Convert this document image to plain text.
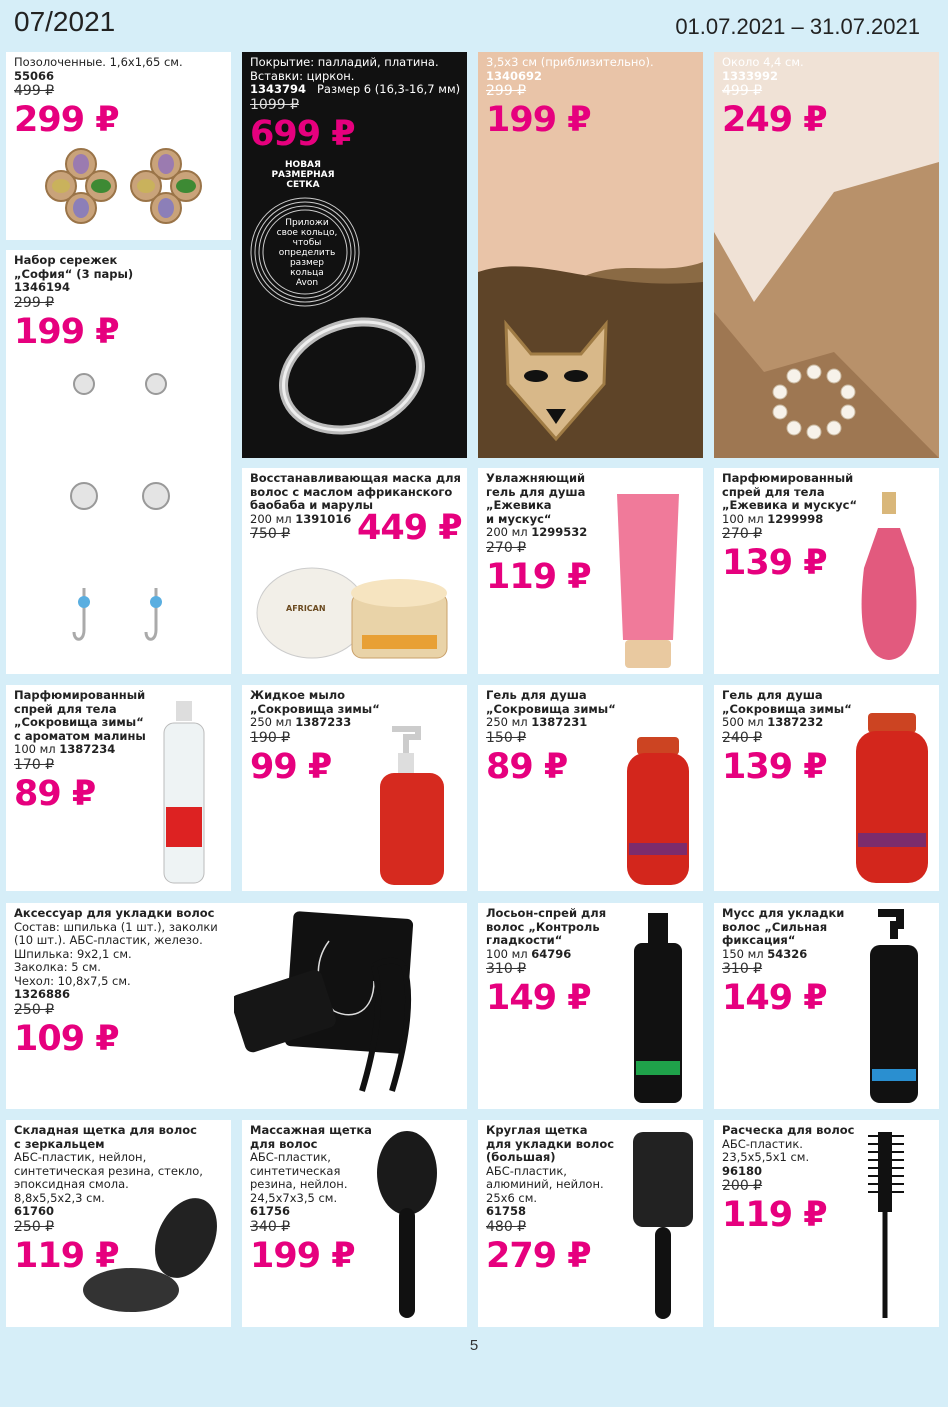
07/2021	01.07.2021 – 31.07.2021
Позолоченные. 1,6х1,65 см.
55066
499 ₽
299 ₽
Покрытие: палладий, платина.
Вставки: циркон.
1343794 Размер 6 (16,3-16,7 мм)
1099 ₽
699 ₽
НОВАЯ
РАЗМЕРНАЯ
СЕТКА
Приложи
свое кольцо,
чтобы
определить
размер
кольца
Avon
3,5х3 см (приблизительно).
1340692
299 ₽
199 ₽
Около 4,4 см.
1333992
499 ₽
249 ₽
Набор сережек
„София“ (3 пары)
1346194
299 ₽
199 ₽
Восстанавливающая маска для
волос с маслом африканского
баобаба и марулы
200 мл 1391016
750 ₽	449 ₽
AFRICAN
Увлажняющий
гель для душа
„Ежевика
и мускус“
200 мл 1299532
270 ₽
119 ₽
Парфюмированный
спрей для тела
„Ежевика и мускус“
100 мл 1299998
270 ₽
139 ₽
Парфюмированный
спрей для тела
„Сокровища зимы“
с ароматом малины
100 мл 1387234
170 ₽
89 ₽
Жидкое мыло
„Сокровища зимы“
250 мл 1387233
190 ₽
99 ₽
Гель для душа
„Сокровища зимы“
250 мл 1387231
150 ₽
89 ₽
Гель для душа
„Сокровища зимы“
500 мл 1387232
240 ₽
139 ₽
Аксессуар для укладки волос
Состав: шпилька (1 шт.), заколки
(10 шт.). АБС-пластик, железо.
Шпилька: 9х2,1 см.
Заколка: 5 см.
Чехол: 10,8х7,5 см.
1326886
250 ₽
109 ₽
Лосьон-спрей для
волос „Контроль
гладкости“
100 мл 64796
310 ₽
149 ₽
Мусс для укладки
волос „Сильная
фиксация“
150 мл 54326
310 ₽
149 ₽
Складная щетка для волос
с зеркальцем
АБС-пластик, нейлон,
синтетическая резина, стекло,
эпоксидная смола.
8,8х5,5х2,3 см.
61760
250 ₽
119 ₽
Массажная щетка
для волос
АБС-пластик,
синтетическая
резина, нейлон.
24,5х7х3,5 см.
61756
340 ₽
199 ₽
Круглая щетка
для укладки волос
(большая)
АБС-пластик,
алюминий, нейлон.
25х6 см.
61758
480 ₽
279 ₽
Расческа для волос
АБС-пластик.
23,5х5,5х1 см.
96180
200 ₽
119 ₽
5
